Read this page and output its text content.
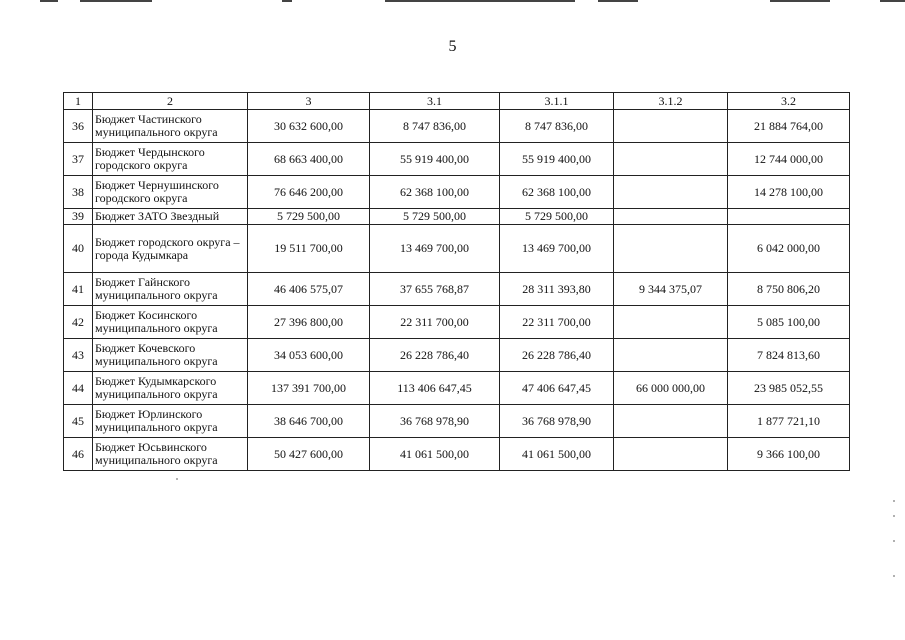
5
1	2	3	3.1	3.1.1	3.1.2	3.2
36	Бюджет Частинского муниципального округа	30 632 600,00	8 747 836,00	8 747 836,00		21 884 764,00
37	Бюджет Чердынского городского округа	68 663 400,00	55 919 400,00	55 919 400,00		12 744 000,00
38	Бюджет Чернушинского городского округа	76 646 200,00	62 368 100,00	62 368 100,00		14 278 100,00
39	Бюджет ЗАТО Звездный	5 729 500,00	5 729 500,00	5 729 500,00		
40	Бюджет городского округа – города Кудымкара	19 511 700,00	13 469 700,00	13 469 700,00		6 042 000,00
41	Бюджет Гайнского муниципального округа	46 406 575,07	37 655 768,87	28 311 393,80	9 344 375,07	8 750 806,20
42	Бюджет Косинского муниципального округа	27 396 800,00	22 311 700,00	22 311 700,00		5 085 100,00
43	Бюджет Кочевского муниципального округа	34 053 600,00	26 228 786,40	26 228 786,40		7 824 813,60
44	Бюджет Кудымкарского муниципального округа	137 391 700,00	113 406 647,45	47 406 647,45	66 000 000,00	23 985 052,55
45	Бюджет Юрлинского муниципального округа	38 646 700,00	36 768 978,90	36 768 978,90		1 877 721,10
46	Бюджет Юсьвинского муниципального округа	50 427 600,00	41 061 500,00	41 061 500,00		9 366 100,00
